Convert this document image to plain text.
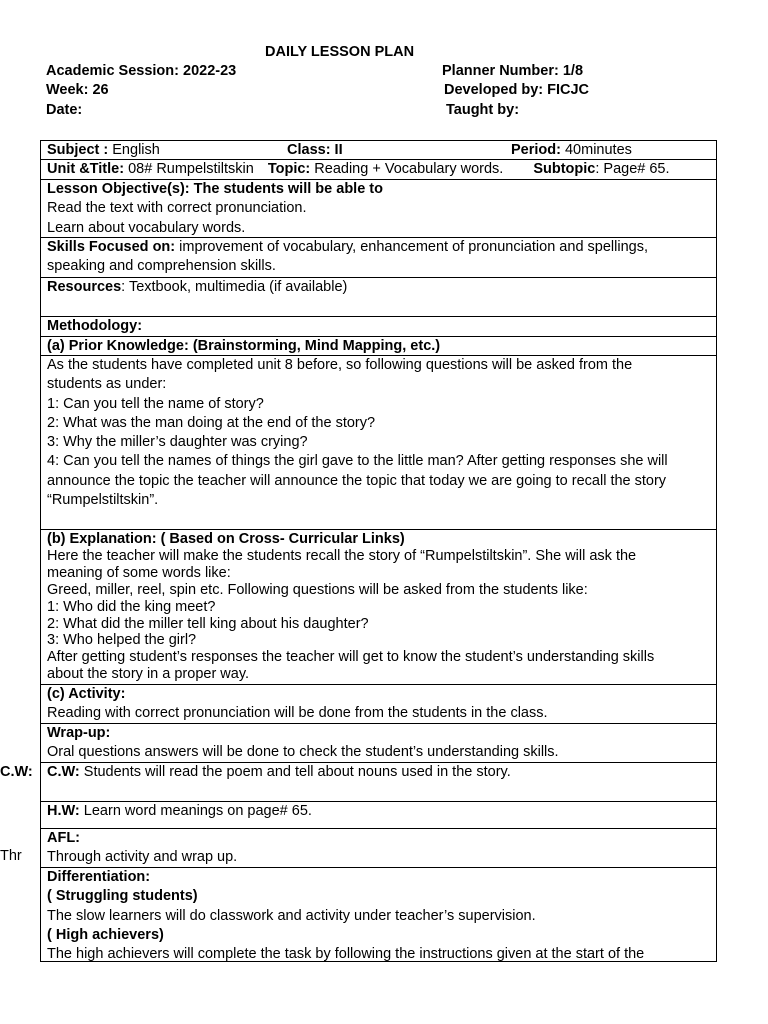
DAILY LESSON PLAN
Academic Session: 2022-23
Week: 26
Date:
Planner Number: 1/8
Developed by: FICJC
Taught by:
C.W:
Thr
Subject : English	Class: II	Period: 40minutes
Unit &Title: 08# Rumpelstiltskin Topic: Reading + Vocabulary words. Subtopic: Page# 65.
Lesson Objective(s): The students will be able to
Read the text with correct pronunciation.
Learn about vocabulary words.
Skills Focused on: improvement of vocabulary, enhancement of pronunciation and spellings,
speaking and comprehension skills.
Resources: Textbook, multimedia (if available)
Methodology:
(a) Prior Knowledge: (Brainstorming, Mind Mapping, etc.)
As the students have completed unit 8 before, so following questions will be asked from the
students as under:
1: Can you tell the name of story?
2: What was the man doing at the end of the story?
3: Why the miller’s daughter was crying?
4: Can you tell the names of things the girl gave to the little man? After getting responses she will
announce the topic the teacher will announce the topic that today we are going to recall the story
“Rumpelstiltskin”.
(b) Explanation: ( Based on Cross- Curricular Links)
Here the teacher will make the students recall the story of “Rumpelstiltskin”. She will ask the
meaning of some words like:
Greed, miller, reel, spin etc. Following questions will be asked from the students like:
1: Who did the king meet?
2: What did the miller tell king about his daughter?
3: Who helped the girl?
After getting student’s responses the teacher will get to know the student’s understanding skills
about the story in a proper way.
(c) Activity:
Reading with correct pronunciation will be done from the students in the class.
Wrap-up:
Oral questions answers will be done to check the student’s understanding skills.
C.W: Students will read the poem and tell about nouns used in the story.
H.W: Learn word meanings on page# 65.
AFL:
Through activity and wrap up.
Differentiation:
( Struggling students)
The slow learners will do classwork and activity under teacher’s supervision.
( High achievers)
The high achievers will complete the task by following the instructions given at the start of the
